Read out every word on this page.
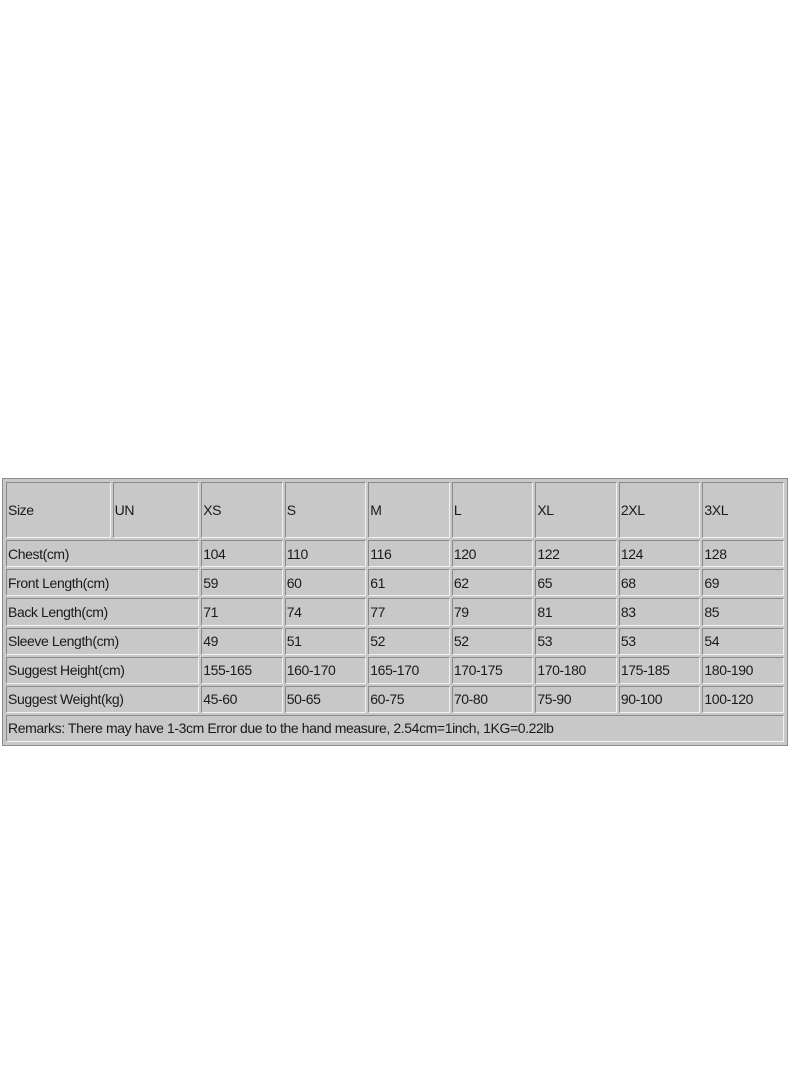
Size	UN	XS	S	M	L	XL	2XL	3XL
Chest(cm)		104	110	116	120	122	124	128
Front Length(cm)		59	60	61	62	65	68	69
Back Length(cm)		71	74	77	79	81	83	85
Sleeve Length(cm)		49	51	52	52	53	53	54
Suggest Height(cm)		155-165	160-170	165-170	170-175	170-180	175-185	180-190
Suggest Weight(kg)		45-60	50-65	60-75	70-80	75-90	90-100	100-120
Remarks: There may have 1-3cm Error due to the hand measure, 2.54cm=1inch, 1KG=0.22lb								
